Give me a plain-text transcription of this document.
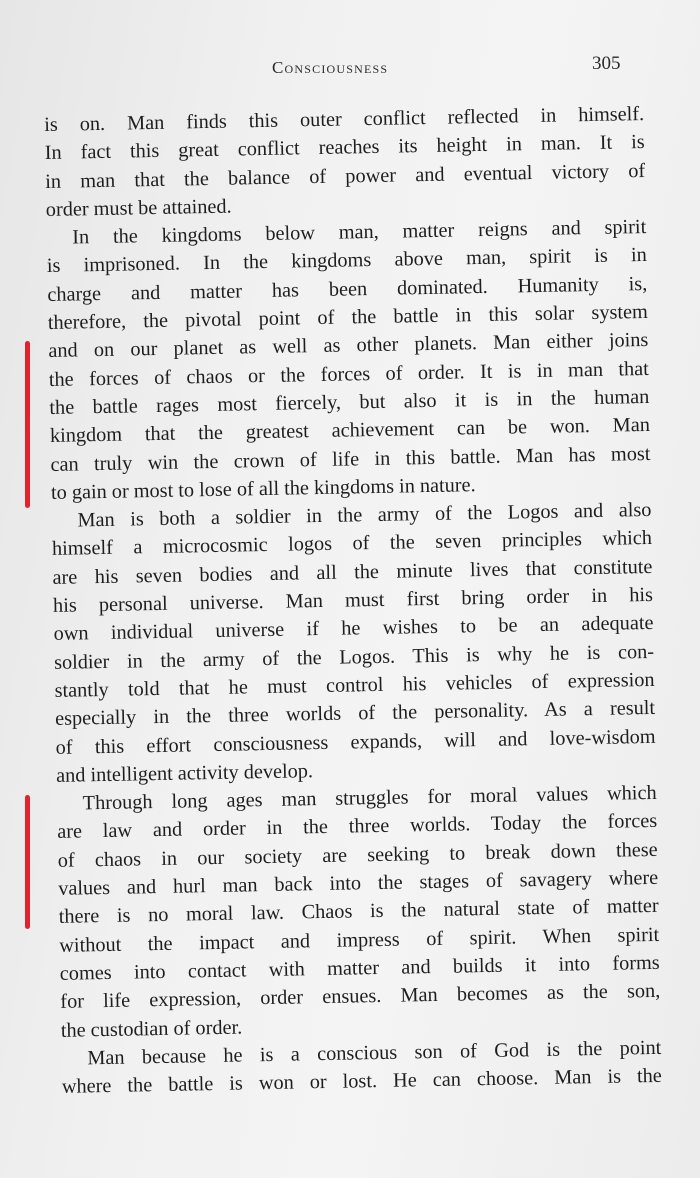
Consciousness	305

is on. Man finds this outer conflict reflected in himself.
In fact this great conflict reaches its height in man. It is
in man that the balance of power and eventual victory of
order must be attained.

In the kingdoms below man, matter reigns and spirit
is imprisoned. In the kingdoms above man, spirit is in
charge and matter has been dominated. Humanity is,
therefore, the pivotal point of the battle in this solar system
and on our planet as well as other planets. Man either joins
the forces of chaos or the forces of order. It is in man that
the battle rages most fiercely, but also it is in the human
kingdom that the greatest achievement can be won. Man
can truly win the crown of life in this battle. Man has most
to gain or most to lose of all the kingdoms in nature.

Man is both a soldier in the army of the Logos and also
himself a microcosmic logos of the seven principles which
are his seven bodies and all the minute lives that constitute
his personal universe. Man must first bring order in his
own individual universe if he wishes to be an adequate
soldier in the army of the Logos. This is why he is con-
stantly told that he must control his vehicles of expression
especially in the three worlds of the personality. As a result
of this effort consciousness expands, will and love-wisdom
and intelligent activity develop.

Through long ages man struggles for moral values which
are law and order in the three worlds. Today the forces
of chaos in our society are seeking to break down these
values and hurl man back into the stages of savagery where
there is no moral law. Chaos is the natural state of matter
without the impact and impress of spirit. When spirit
comes into contact with matter and builds it into forms
for life expression, order ensues. Man becomes as the son,
the custodian of order.

Man because he is a conscious son of God is the point
where the battle is won or lost. He can choose. Man is the
